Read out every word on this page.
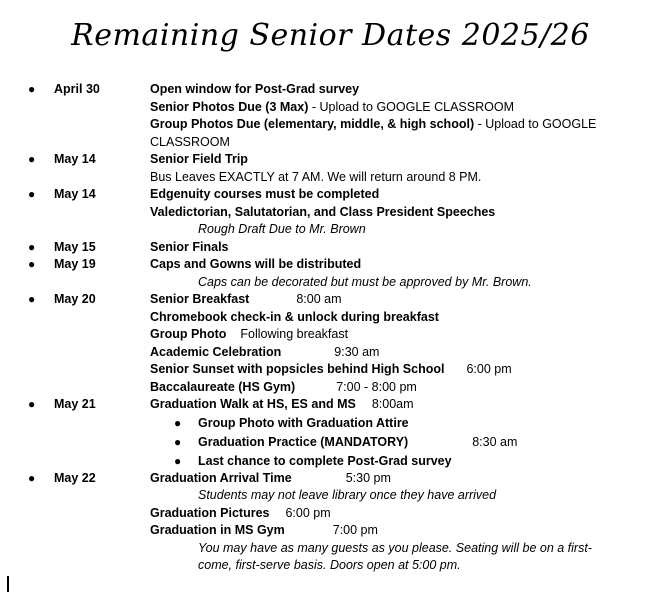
Remaining Senior Dates 2025/26
● April 30	Open window for Post-Grad survey
Senior Photos Due (3 Max) - Upload to GOOGLE CLASSROOM
Group Photos Due (elementary, middle, & high school) - Upload to GOOGLE CLASSROOM
● May 14	Senior Field Trip
Bus Leaves EXACTLY at 7 AM. We will return around 8 PM.
● May 14	Edgenuity courses must be completed
Valedictorian, Salutatorian, and Class President Speeches
Rough Draft Due to Mr. Brown
● May 15	Senior Finals
● May 19	Caps and Gowns will be distributed
Caps can be decorated but must be approved by Mr. Brown.
● May 20	Senior Breakfast	8:00 am
Chromebook check-in & unlock during breakfast
Group Photo Following breakfast
Academic Celebration	9:30 am
Senior Sunset with popsicles behind High School 6:00 pm
Baccalaureate (HS Gym)	7:00 - 8:00 pm
● May 21	Graduation Walk at HS, ES and MS 8:00am
● Group Photo with Graduation Attire
● Graduation Practice (MANDATORY)	8:30 am
● Last chance to complete Post-Grad survey
● May 22	Graduation Arrival Time	5:30 pm
Students may not leave library once they have arrived
Graduation Pictures 6:00 pm
Graduation in MS Gym	7:00 pm
You may have as many guests as you please. Seating will be on a first-come, first-serve basis. Doors open at 5:00 pm.
